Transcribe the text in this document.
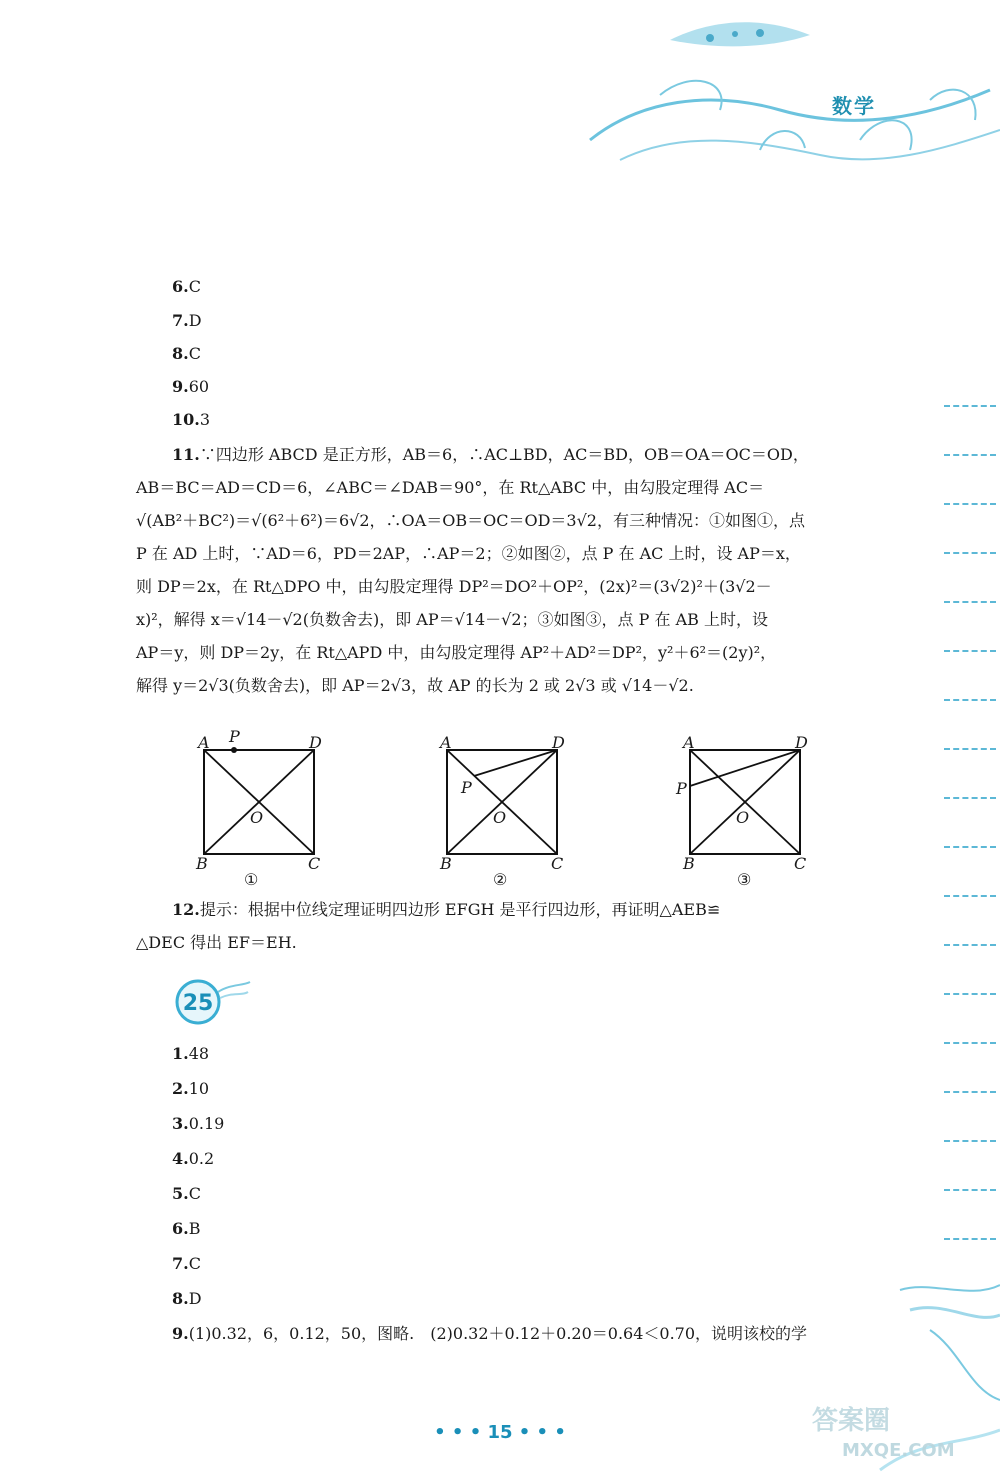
数学
6.C
7.D
8.C
9.60
10.3
11.∵四边形 ABCD 是正方形，AB＝6，∴AC⊥BD，AC＝BD，OB＝OA＝OC＝OD，
AB＝BC＝AD＝CD＝6，∠ABC＝∠DAB＝90°，在 Rt△ABC 中，由勾股定理得 AC＝
√(AB²＋BC²)＝√(6²＋6²)＝6√2，∴OA＝OB＝OC＝OD＝3√2，有三种情况：①如图①，点
P 在 AD 上时，∵AD＝6，PD＝2AP，∴AP＝2；②如图②，点 P 在 AC 上时，设 AP＝x，
则 DP＝2x，在 Rt△DPO 中，由勾股定理得 DP²＝DO²＋OP²，(2x)²＝(3√2)²＋(3√2－
x)²，解得 x＝√14－√2(负数舍去)，即 AP＝√14－√2；③如图③，点 P 在 AB 上时，设
AP＝y，则 DP＝2y，在 Rt△APD 中，由勾股定理得 AP²＋AD²＝DP²，y²＋6²＝(2y)²，
解得 y＝2√3(负数舍去)，即 AP＝2√3，故 AP 的长为 2 或 2√3 或 √14－√2.
A P	D
O
B	C
①
A	D
P
O
B	C
②
A	D
P
O
B	C
③
12.提示：根据中位线定理证明四边形 EFGH 是平行四边形，再证明△AEB≌
△DEC 得出 EF＝EH.
25
1.48
2.10
3.0.19
4.0.2
5.C
6.B
7.C
8.D
9.(1)0.32，6，0.12，50，图略.　(2)0.32＋0.12＋0.20＝0.64＜0.70，说明该校的学
• • • 15 • • •	答案圈
MXQE.COM
